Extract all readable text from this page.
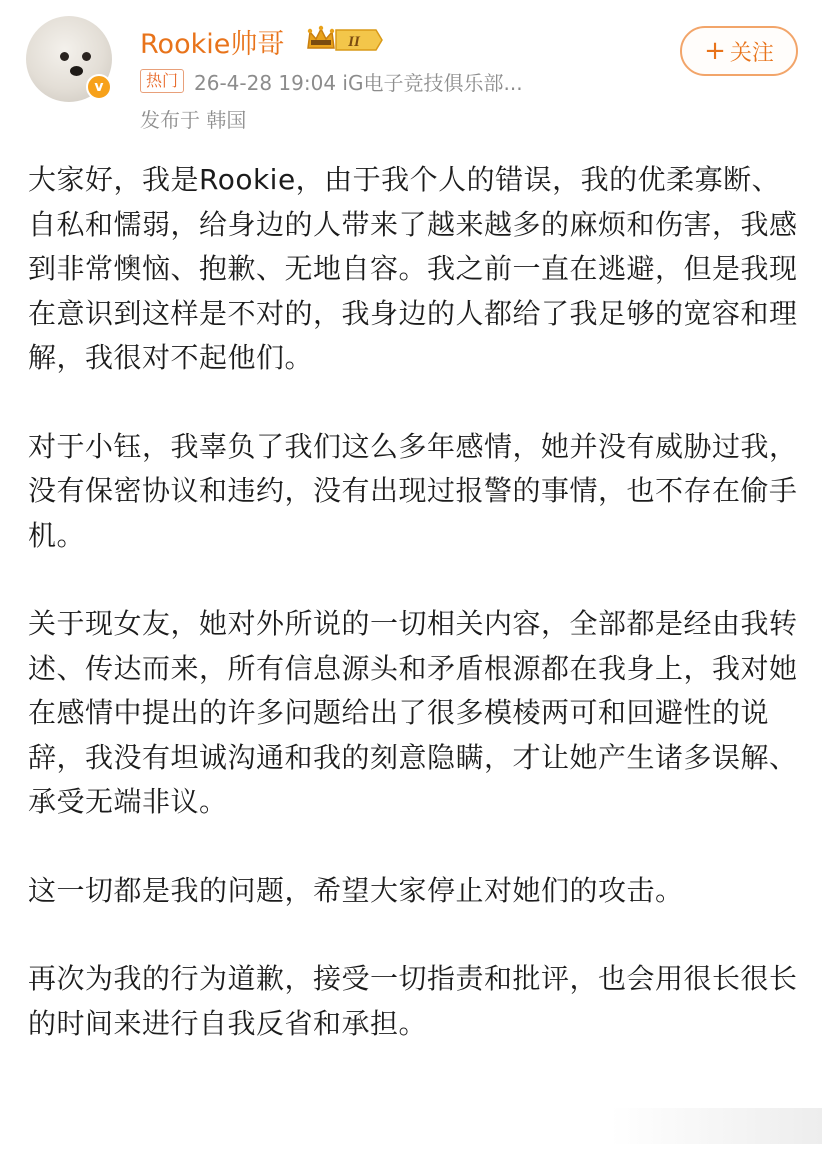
v
Rookie帅哥	II
热门 26-4-28 19:04 iG电子竞技俱乐部...
发布于 韩国
+ 关注

大家好，我是Rookie，由于我个人的错误，我的优柔寡断、自私和懦弱，给身边的人带来了越来越多的麻烦和伤害，我感到非常懊恼、抱歉、无地自容。我之前一直在逃避，但是我现在意识到这样是不对的，我身边的人都给了我足够的宽容和理解，我很对不起他们。

对于小钰，我辜负了我们这么多年感情，她并没有威胁过我，没有保密协议和违约，没有出现过报警的事情，也不存在偷手机。

关于现女友，她对外所说的一切相关内容，全部都是经由我转述、传达而来，所有信息源头和矛盾根源都在我身上，我对她在感情中提出的许多问题给出了很多模棱两可和回避性的说辞，我没有坦诚沟通和我的刻意隐瞒，才让她产生诸多误解、承受无端非议。

这一切都是我的问题，希望大家停止对她们的攻击。

再次为我的行为道歉，接受一切指责和批评，也会用很长很长的时间来进行自我反省和承担。
